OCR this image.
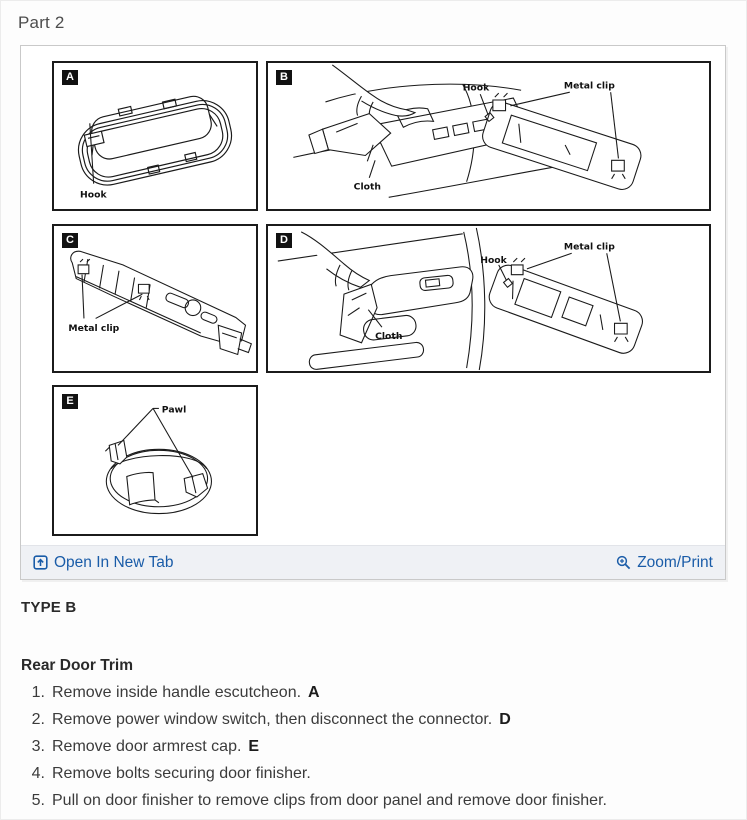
Part 2
A
Hook
B
Cloth
Hook	Metal clip
C
Metal clip
D
Cloth
Hook
Metal clip
E
Pawl
Open In New Tab	Zoom/Print
TYPE B
Rear Door Trim
1. Remove inside handle escutcheon. A
2. Remove power window switch, then disconnect the connector. D
3. Remove door armrest cap. E
4. Remove bolts securing door finisher.
5. Pull on door finisher to remove clips from door panel and remove door finisher.
